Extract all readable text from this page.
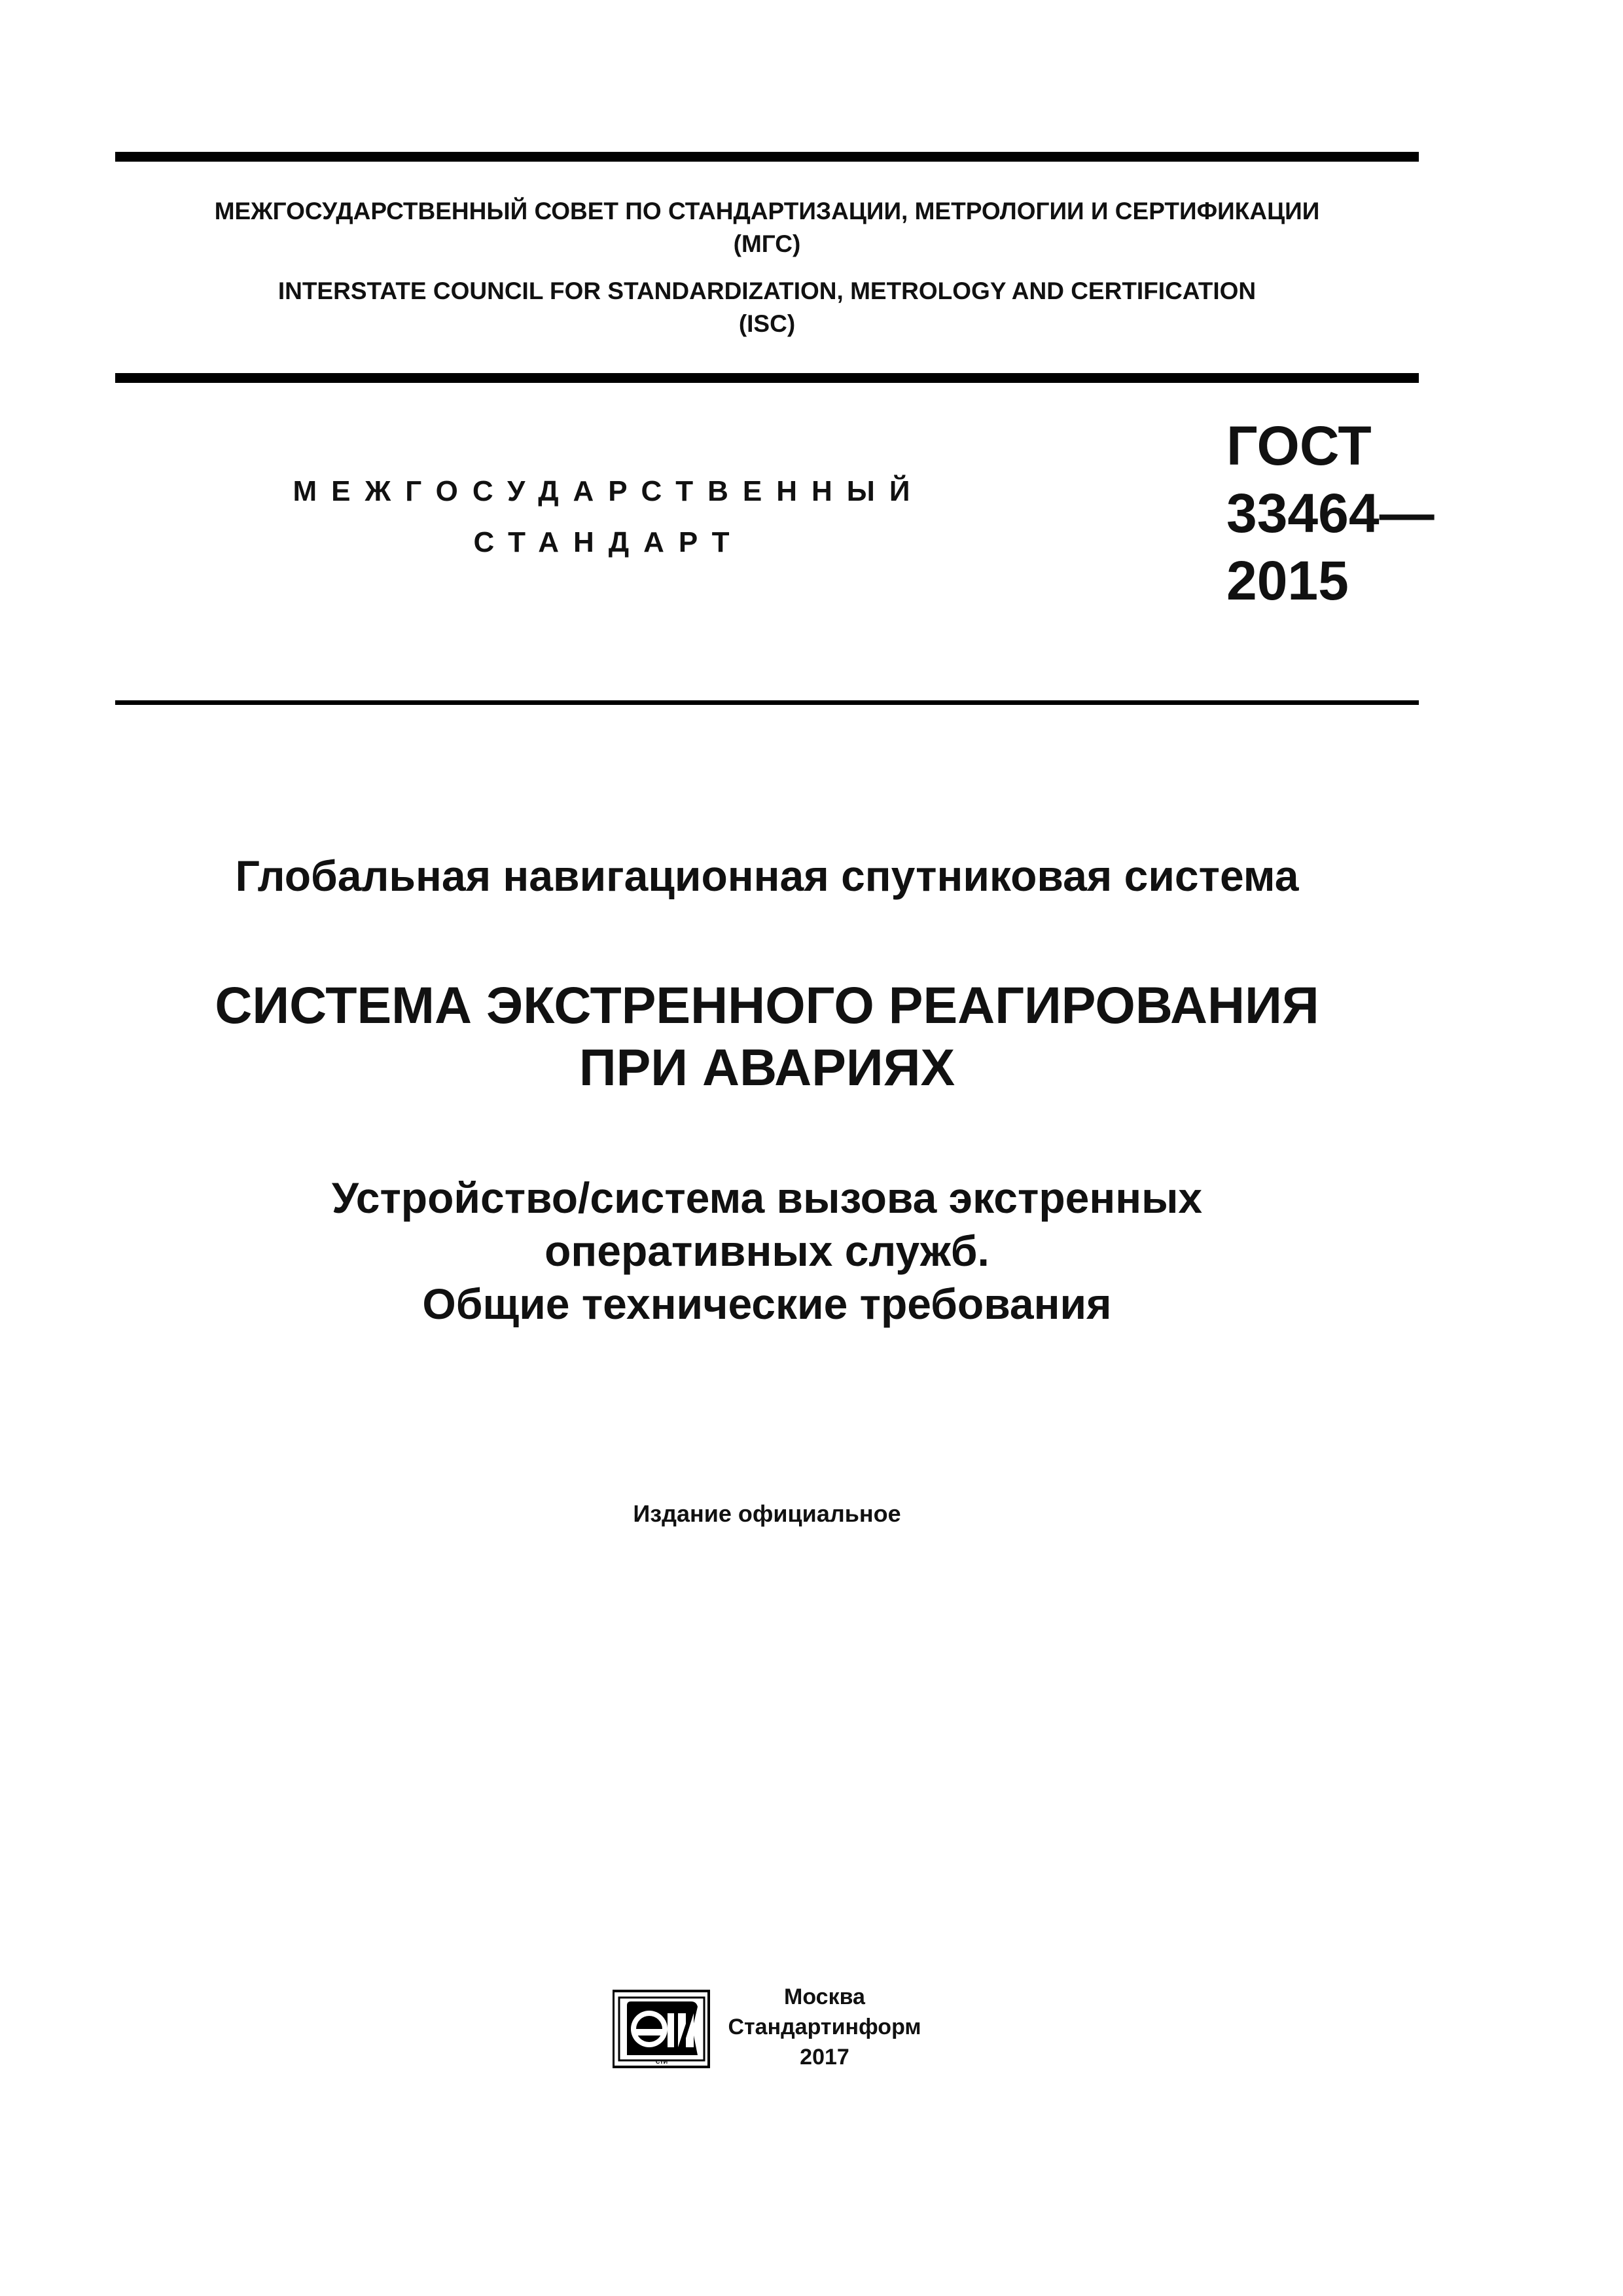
МЕЖГОСУДАРСТВЕННЫЙ СОВЕТ ПО СТАНДАРТИЗАЦИИ, МЕТРОЛОГИИ И СЕРТИФИКАЦИИ
(МГС)
INTERSTATE COUNCIL FOR STANDARDIZATION, METROLOGY AND CERTIFICATION
(ISC)
МЕЖГОСУДАРСТВЕННЫЙ
СТАНДАРТ
ГОСТ
33464—
2015
Глобальная навигационная спутниковая система
СИСТЕМА ЭКСТРЕННОГО РЕАГИРОВАНИЯ
ПРИ АВАРИЯХ
Устройство/система вызова экстренных
оперативных служб.
Общие технические требования
Издание официальное
СТИ
Москва
Стандартинформ
2017
